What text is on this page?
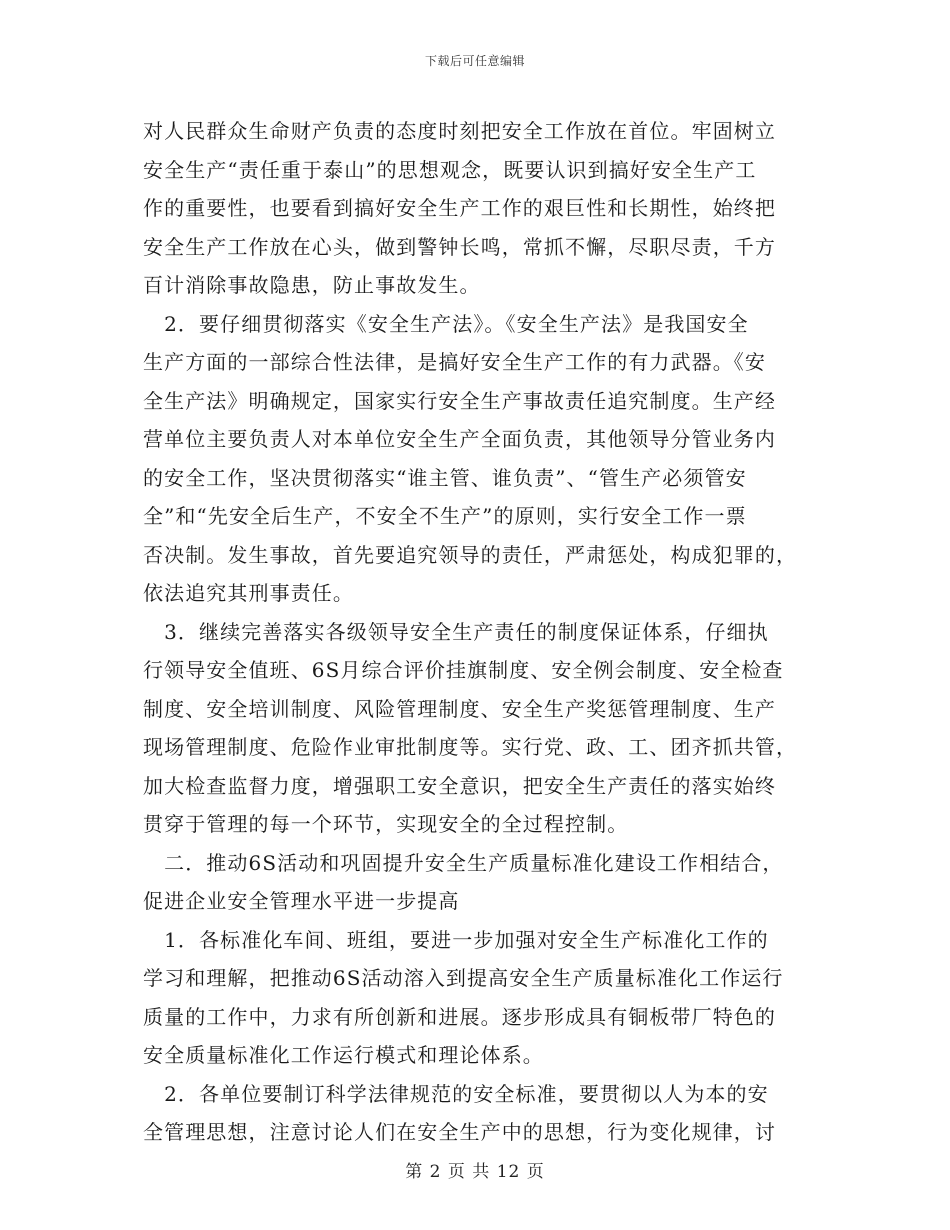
下载后可任意编辑
对人民群众生命财产负责的态度时刻把安全工作放在首位。牢固树立
安全生产“责任重于泰山”的思想观念，既要认识到搞好安全生产工
作的重要性，也要看到搞好安全生产工作的艰巨性和长期性，始终把
安全生产工作放在心头，做到警钟长鸣，常抓不懈，尽职尽责，千方
百计消除事故隐患，防止事故发生。
　2．要仔细贯彻落实《安全生产法》。《安全生产法》是我国安全
生产方面的一部综合性法律，是搞好安全生产工作的有力武器。《安
全生产法》明确规定，国家实行安全生产事故责任追究制度。生产经
营单位主要负责人对本单位安全生产全面负责，其他领导分管业务内
的安全工作，坚决贯彻落实“谁主管、谁负责”、“管生产必须管安
全”和“先安全后生产，不安全不生产”的原则，实行安全工作一票
否决制。发生事故，首先要追究领导的责任，严肃惩处，构成犯罪的，
依法追究其刑事责任。
　3．继续完善落实各级领导安全生产责任的制度保证体系，仔细执
行领导安全值班、6S月综合评价挂旗制度、安全例会制度、安全检查
制度、安全培训制度、风险管理制度、安全生产奖惩管理制度、生产
现场管理制度、危险作业审批制度等。实行党、政、工、团齐抓共管，
加大检查监督力度，增强职工安全意识，把安全生产责任的落实始终
贯穿于管理的每一个环节，实现安全的全过程控制。
　二．推动6S活动和巩固提升安全生产质量标准化建设工作相结合，
促进企业安全管理水平进一步提高
　1．各标准化车间、班组，要进一步加强对安全生产标准化工作的
学习和理解，把推动6S活动溶入到提高安全生产质量标准化工作运行
质量的工作中，力求有所创新和进展。逐步形成具有铜板带厂特色的
安全质量标准化工作运行模式和理论体系。
　2．各单位要制订科学法律规范的安全标准，要贯彻以人为本的安
全管理思想，注意讨论人们在安全生产中的思想，行为变化规律，讨
第 2 页 共 12 页
